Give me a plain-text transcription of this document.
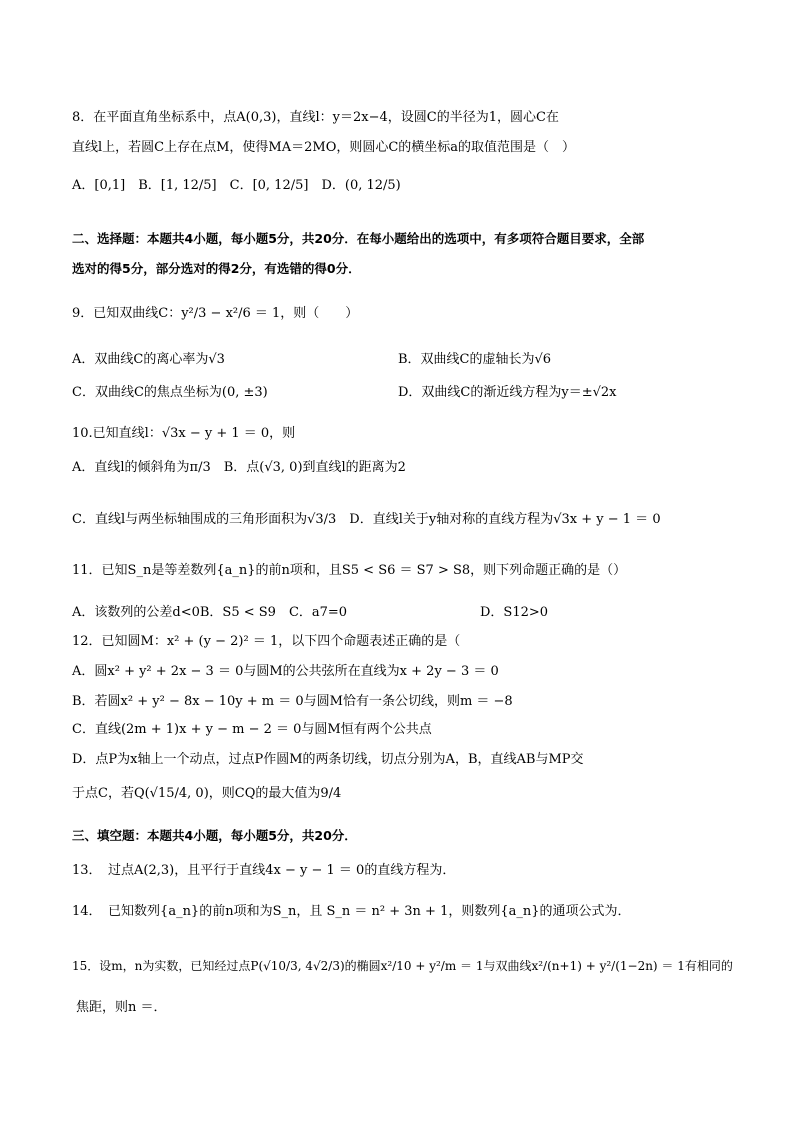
8．在平面直角坐标系中，点A(0,3)，直线l：y＝2x−4，设圆C的半径为1，圆心C在
直线l上，若圆C上存在点M，使得MA＝2MO，则圆心C的横坐标a的取值范围是（　）
A．[0,1]　B．[1, 12/5]　C．[0, 12/5]　D．(0, 12/5)
二、选择题：本题共4小题，每小题5分，共20分．在每小题给出的选项中，有多项符合题目要求，全部
选对的得5分，部分选对的得2分，有选错的得0分．
9．已知双曲线C：y²/3 − x²/6 ＝ 1，则（　　）
A．双曲线C的离心率为√3	B．双曲线C的虚轴长为√6
C．双曲线C的焦点坐标为(0, ±3)	D．双曲线C的渐近线方程为y＝±√2x
10.已知直线l：√3x − y + 1 ＝ 0，则
A．直线l的倾斜角为π/3　B．点(√3, 0)到直线l的距离为2
C．直线l与两坐标轴围成的三角形面积为√3/3　D．直线l关于y轴对称的直线方程为√3x + y − 1 ＝ 0
11．已知S_n是等差数列{a_n}的前n项和，且S5 < S6 ＝ S7 > S8，则下列命题正确的是（）
A．该数列的公差d<0B．S5 < S9　C．a7=0	D．S12>0
12．已知圆M：x² + (y − 2)² ＝ 1，以下四个命题表述正确的是（
A．圆x² + y² + 2x − 3 ＝ 0与圆M的公共弦所在直线为x + 2y − 3 ＝ 0
B．若圆x² + y² − 8x − 10y + m ＝ 0与圆M恰有一条公切线，则m ＝ −8
C．直线(2m + 1)x + y − m − 2 ＝ 0与圆M恒有两个公共点
D．点P为x轴上一个动点，过点P作圆M的两条切线，切点分别为A，B，直线AB与MP交
于点C，若Q(√15/4, 0)，则CQ的最大值为9/4
三、填空题：本题共4小题，每小题5分，共20分．
13．　过点A(2,3)，且平行于直线4x − y − 1 ＝ 0的直线方程为．
14．　已知数列{a_n}的前n项和为S_n，且 S_n ＝ n² + 3n + 1，则数列{a_n}的通项公式为．
15．设m，n为实数，已知经过点P(√10/3, 4√2/3)的椭圆x²/10 + y²/m ＝ 1与双曲线x²/(n+1) + y²/(1−2n) ＝ 1有相同的
焦距，则n ＝．
